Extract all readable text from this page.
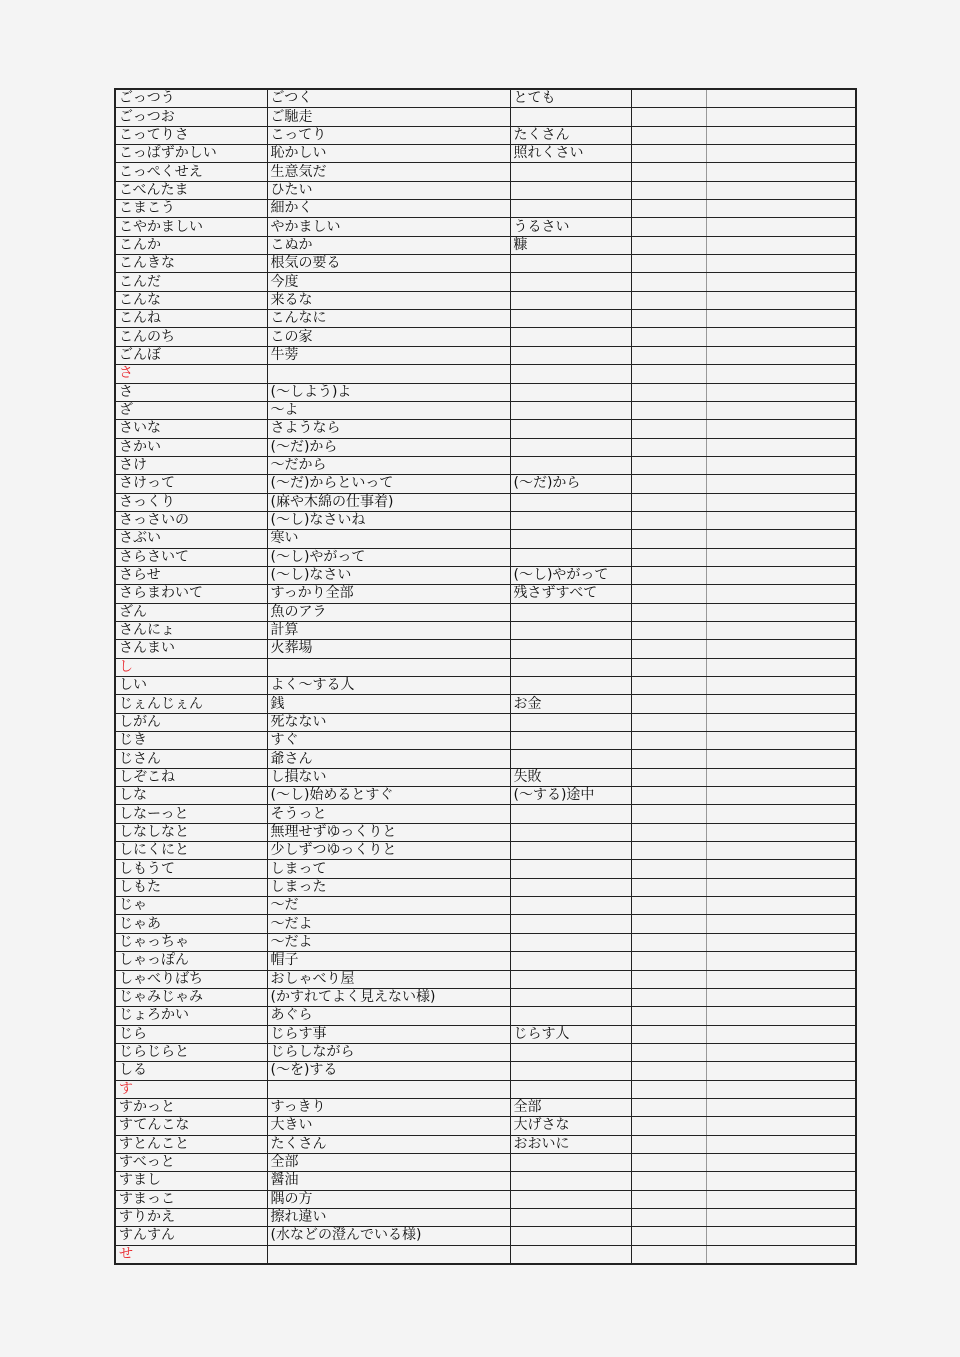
ごっつう	ごつく	とても		
ごっつお	ご馳走			
こってりさ	こってり	たくさん		
こっぱずかしい	恥かしい	照れくさい		
こっぺくせえ	生意気だ			
こべんたま	ひたい			
こまこう	細かく			
こやかましい	やかましい	うるさい		
こんか	こぬか	糠		
こんきな	根気の要る			
こんだ	今度			
こんな	来るな			
こんね	こんなに			
こんのち	この家			
ごんぼ	牛蒡			
さ				
さ	(～しよう)よ			
ざ	～よ			
さいな	さようなら			
さかい	(～だ)から			
さけ	～だから			
さけって	(～だ)からといって	(～だ)から		
さっくり	(麻や木綿の仕事着)			
さっさいの	(～し)なさいね			
さぶい	寒い			
さらさいて	(～し)やがって			
さらせ	(～し)なさい	(～し)やがって		
さらまわいて	すっかり全部	残さずすべて		
ざん	魚のアラ			
さんにょ	計算			
さんまい	火葬場			
し				
しい	よく～する人			
じぇんじぇん	銭	お金		
しがん	死なない			
じき	すぐ			
じさん	爺さん			
しぞこね	し損ない	失敗		
しな	(～し)始めるとすぐ	(～する)途中		
しなーっと	そうっと			
しなしなと	無理せずゆっくりと			
しにくにと	少しずつゆっくりと			
しもうて	しまって			
しもた	しまった			
じゃ	～だ			
じゃあ	～だよ			
じゃっちゃ	～だよ			
しゃっぽん	帽子			
しゃべりばち	おしゃべり屋			
じゃみじゃみ	(かすれてよく見えない様)			
じょろかい	あぐら			
じら	じらす事	じらす人		
じらじらと	じらしながら			
しる	(～を)する			
す				
すかっと	すっきり	全部		
すてんこな	大きい	大げさな		
すとんこと	たくさん	おおいに		
すべっと	全部			
すまし	醤油			
すまっこ	隅の方			
すりかえ	擦れ違い			
すんすん	(水などの澄んでいる様)			
せ				
